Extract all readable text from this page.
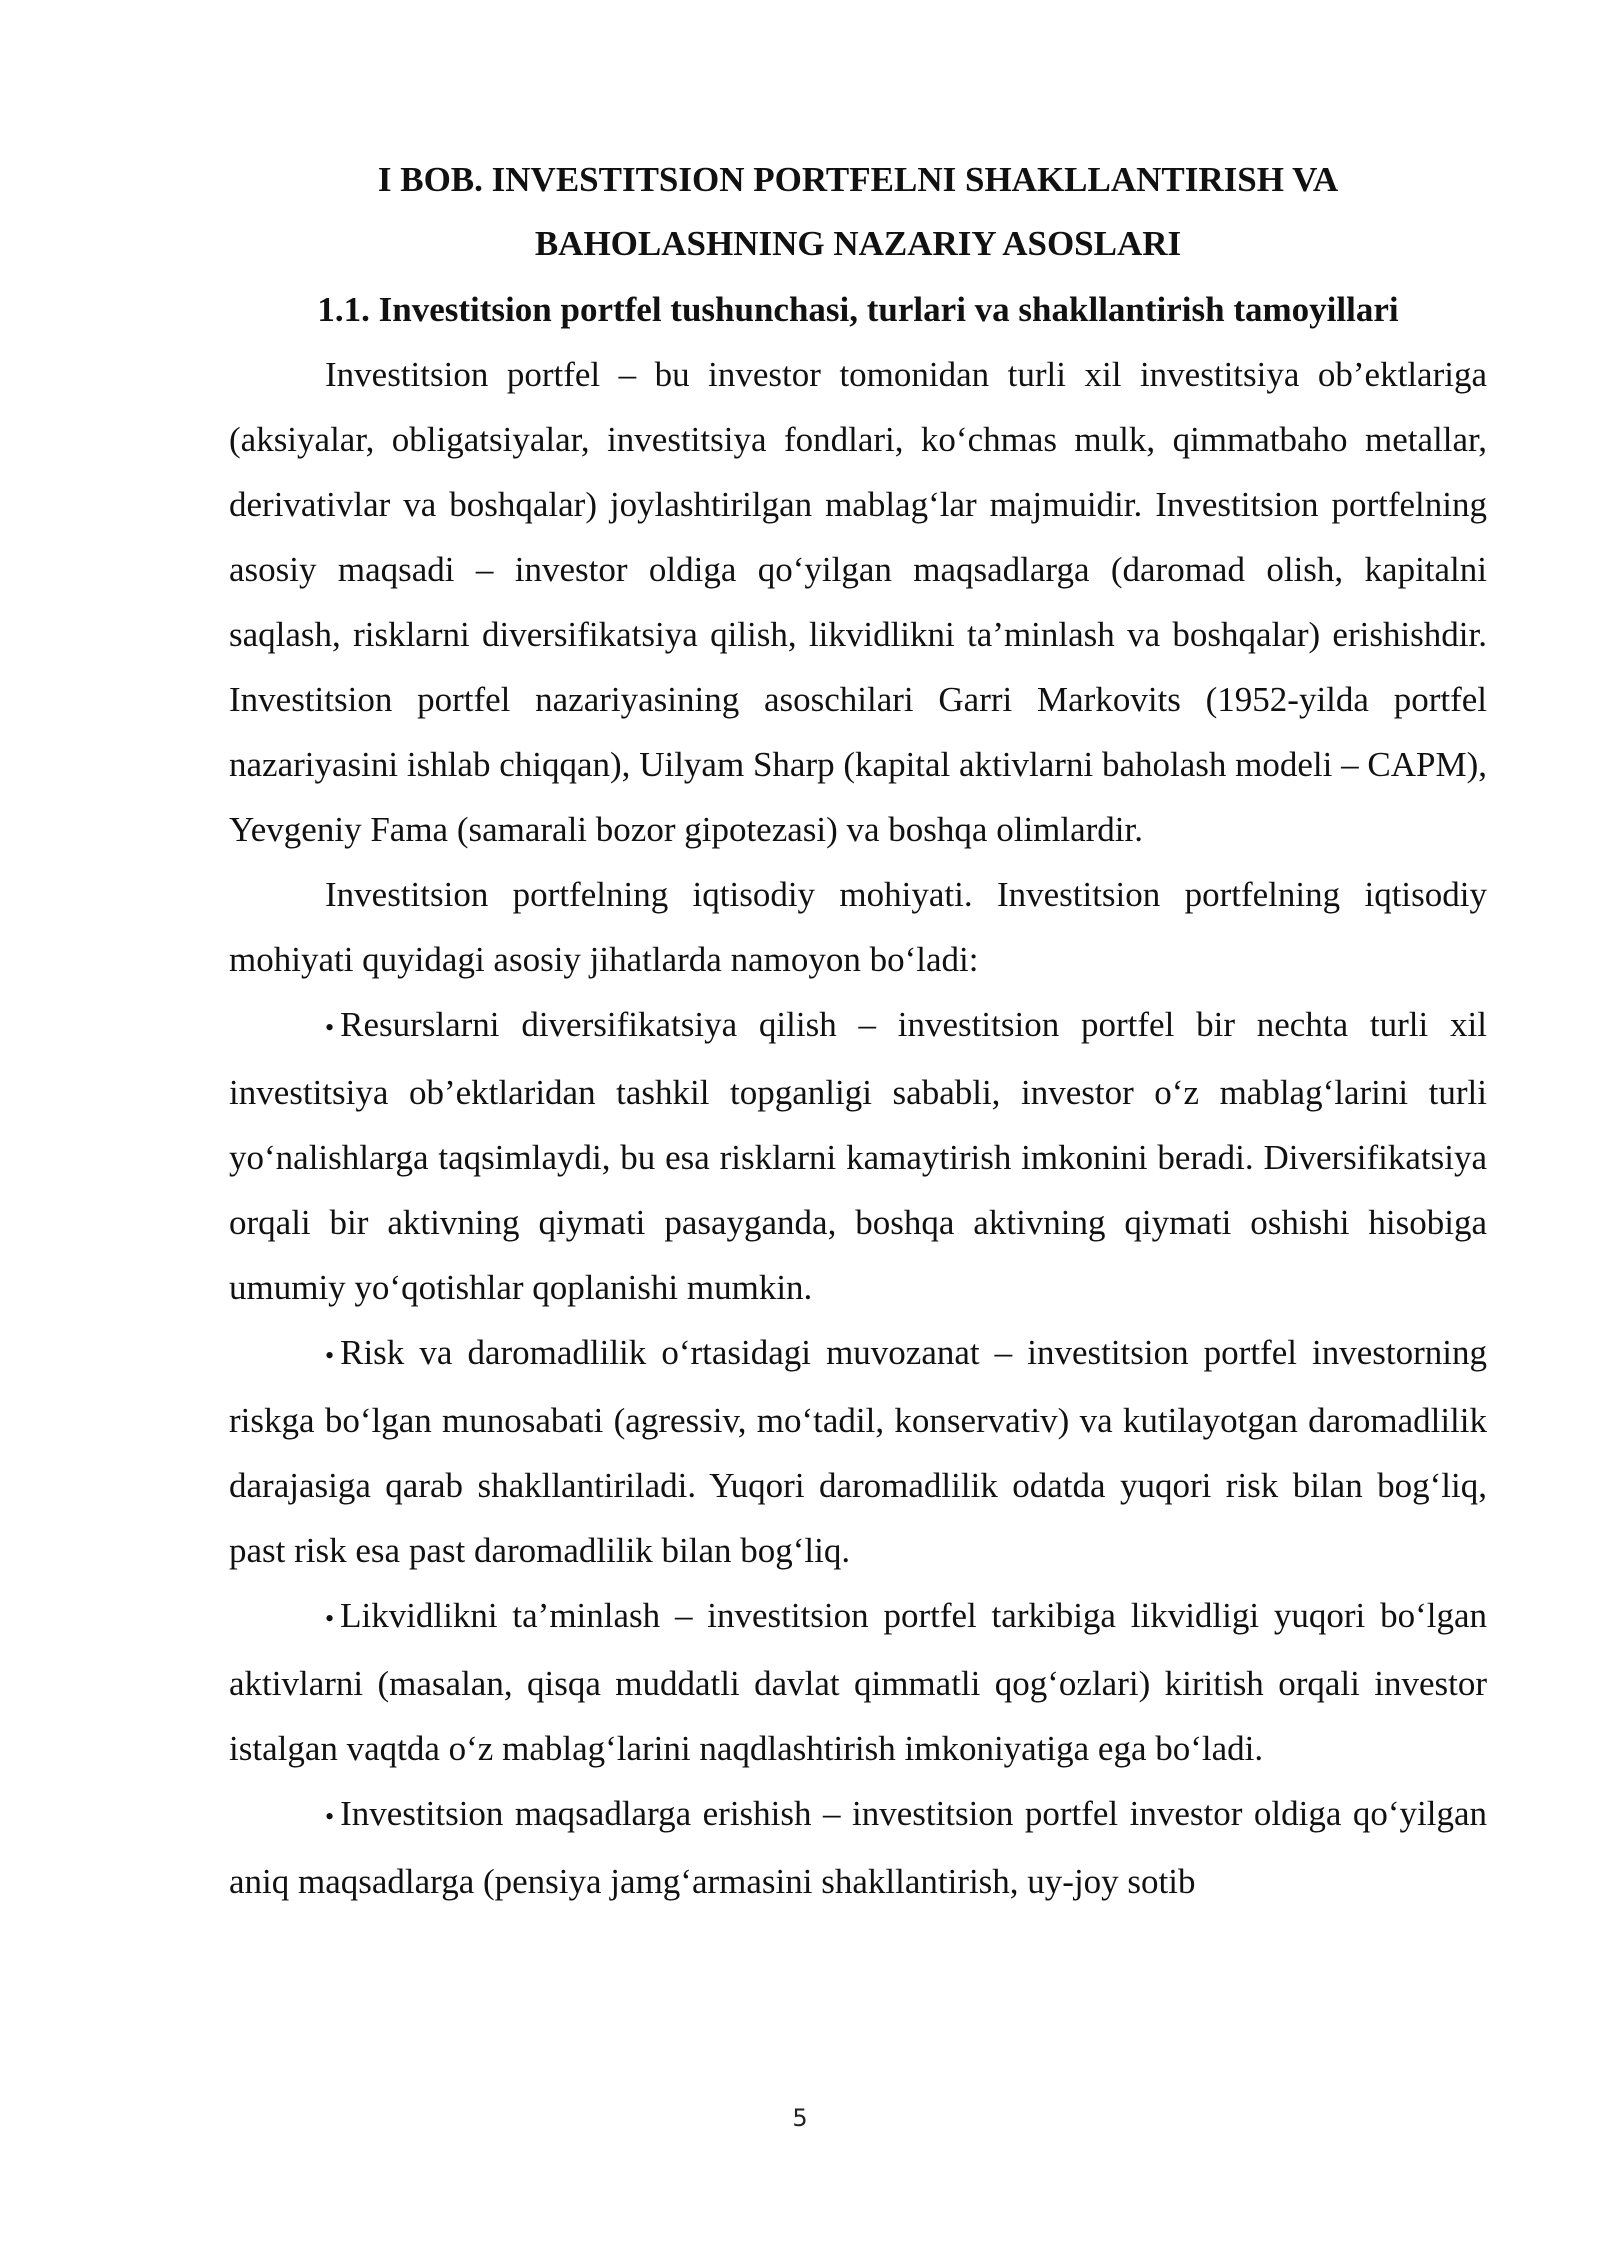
I BOB. INVESTITSION PORTFELNI SHAKLLANTIRISH VA
BAHOLASHNING NAZARIY ASOSLARI
1.1. Investitsion portfel tushunchasi, turlari va shakllantirish tamoyillari

Investitsion portfel – bu investor tomonidan turli xil investitsiya ob’ektlariga (aksiyalar, obligatsiyalar, investitsiya fondlari, ko‘chmas mulk, qimmatbaho metallar, derivativlar va boshqalar) joylashtirilgan mablag‘lar majmuidir. Investitsion portfelning asosiy maqsadi – investor oldiga qo‘yilgan maqsadlarga (daromad olish, kapitalni saqlash, risklarni diversifikatsiya qilish, likvidlikni ta’minlash va boshqalar) erishishdir. Investitsion portfel nazariyasining asoschilari Garri Markovits (1952-yilda portfel nazariyasini ishlab chiqqan), Uilyam Sharp (kapital aktivlarni baholash modeli – CAPM), Yevgeniy Fama (samarali bozor gipotezasi) va boshqa olimlardir.

Investitsion portfelning iqtisodiy mohiyati. Investitsion portfelning iqtisodiy mohiyati quyidagi asosiy jihatlarda namoyon bo‘ladi:

• Resurslarni diversifikatsiya qilish – investitsion portfel bir nechta turli xil investitsiya ob’ektlaridan tashkil topganligi sababli, investor o‘z mablag‘larini turli yo‘nalishlarga taqsimlaydi, bu esa risklarni kamaytirish imkonini beradi. Diversifikatsiya orqali bir aktivning qiymati pasayganda, boshqa aktivning qiymati oshishi hisobiga umumiy yo‘qotishlar qoplanishi mumkin.

• Risk va daromadlilik o‘rtasidagi muvozanat – investitsion portfel investorning riskga bo‘lgan munosabati (agressiv, mo‘tadil, konservativ) va kutilayotgan daromadlilik darajasiga qarab shakllantiriladi. Yuqori daromadlilik odatda yuqori risk bilan bog‘liq, past risk esa past daromadlilik bilan bog‘liq.

• Likvidlikni ta’minlash – investitsion portfel tarkibiga likvidligi yuqori bo‘lgan aktivlarni (masalan, qisqa muddatli davlat qimmatli qog‘ozlari) kiritish orqali investor istalgan vaqtda o‘z mablag‘larini naqdlashtirish imkoniyatiga ega bo‘ladi.

• Investitsion maqsadlarga erishish – investitsion portfel investor oldiga qo‘yilgan aniq maqsadlarga (pensiya jamg‘armasini shakllantirish, uy-joy sotib

5
